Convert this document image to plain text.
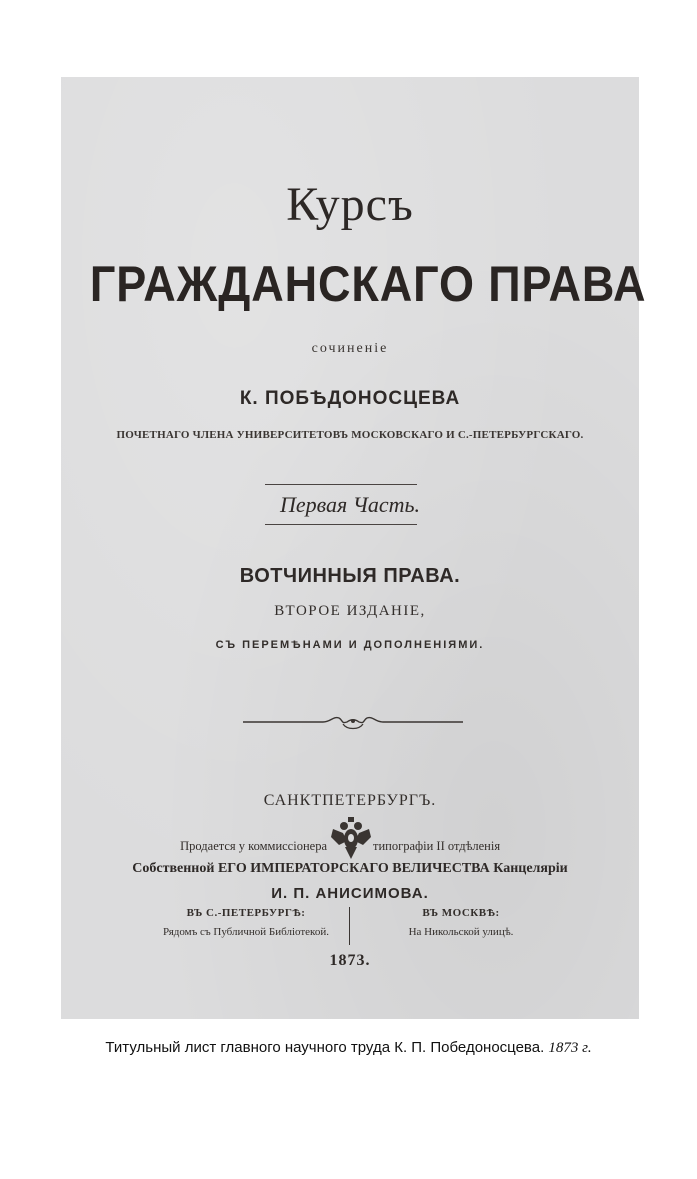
Курсъ
ГРАЖДАНСКАГО ПРАВА
сочиненіе
К. ПОБѢДОНОСЦЕВА
ПОЧЕТНАГО ЧЛЕНА УНИВЕРСИТЕТОВЪ МОСКОВСКАГО И С.-ПЕТЕРБУРГСКАГО.
Первая Часть.
ВОТЧИННЫЯ ПРАВА.
ВТОРОЕ ИЗДАНІЕ,
СЪ ПЕРЕМѢНАМИ И ДОПОЛНЕНІЯМИ.
САНКТПЕТЕРБУРГЪ.
Продается у коммиссіонера	типографіи II отдѣленія
Собственной ЕГО ИМПЕРАТОРСКАГО ВЕЛИЧЕСТВА Канцеляріи
И. П. АНИСИМОВА.
ВЪ С.-ПЕТЕРБУРГѢ:
Рядомъ съ Публичной Библіотекой.
ВЪ МОСКВѢ:
На Никольской улицѣ.
1873.
Титульный лист главного научного труда К. П. Победоносцева. 1873 г.
